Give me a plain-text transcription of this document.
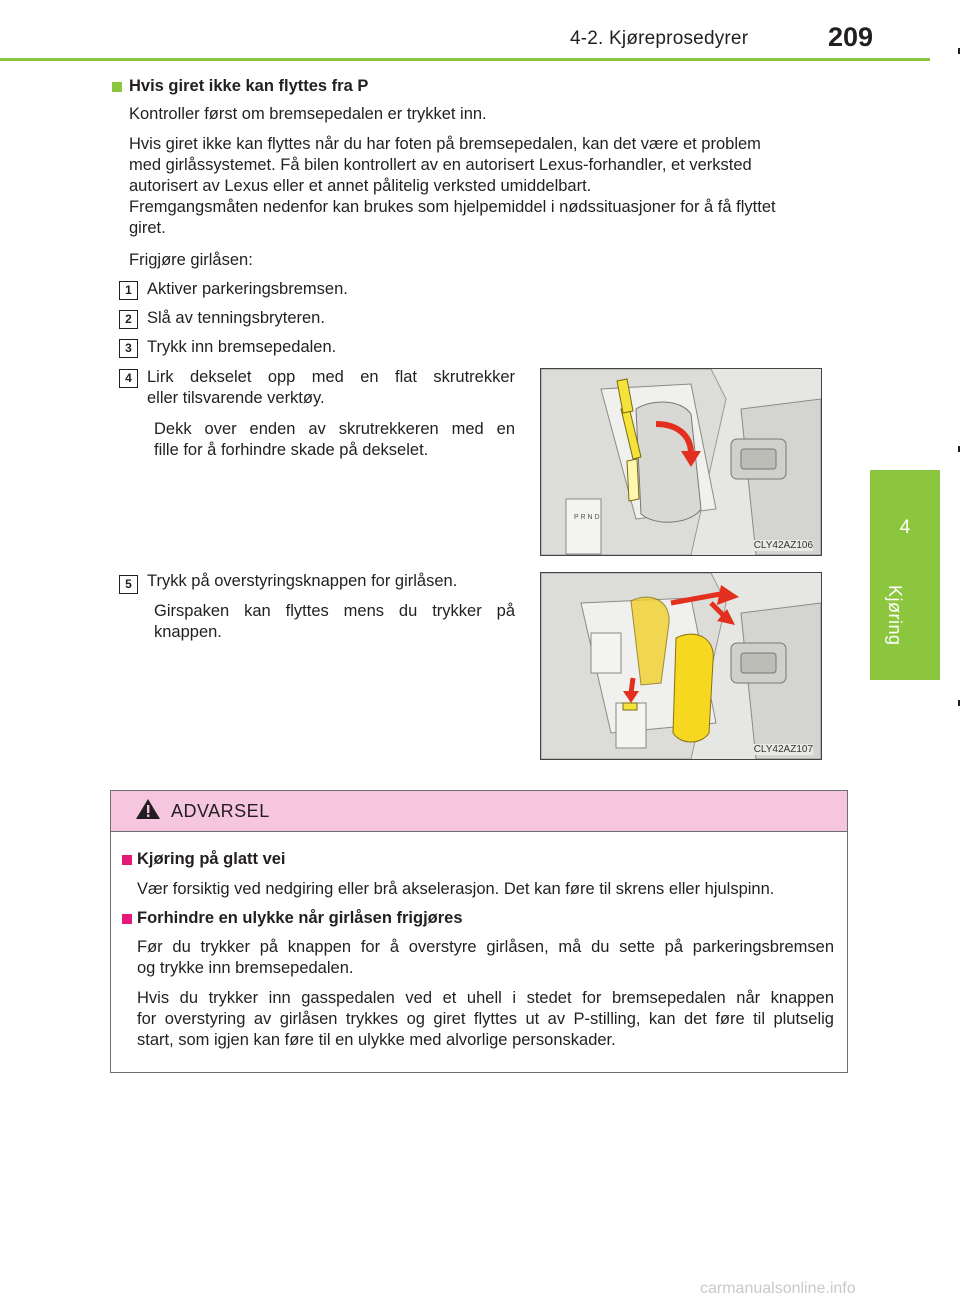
4-2. Kjøreprosedyrer	209
4
Kjøring
Hvis giret ikke kan flyttes fra P
Kontroller først om bremsepedalen er trykket inn.
Hvis giret ikke kan flyttes når du har foten på bremsepedalen, kan det være et problem
med girlåssystemet. Få bilen kontrollert av en autorisert Lexus-forhandler, et verksted
autorisert av Lexus eller et annet pålitelig verksted umiddelbart.
Fremgangsmåten nedenfor kan brukes som hjelpemiddel i nødssituasjoner for å få flyttet
giret.
Frigjøre girlåsen:
1 Aktiver parkeringsbremsen.
2 Slå av tenningsbryteren.
3 Trykk inn bremsepedalen.
4 Lirk dekselet opp med en flat skrutrekker
eller tilsvarende verktøy.
Dekk over enden av skrutrekkeren med en
fille for å forhindre skade på dekselet.
P R N D
CLY42AZ106
5 Trykk på overstyringsknappen for girlåsen.
Girspaken kan flyttes mens du trykker på
knappen.
CLY42AZ107
ADVARSEL
Kjøring på glatt vei
Vær forsiktig ved nedgiring eller brå akselerasjon. Det kan føre til skrens eller hjulspinn.
Forhindre en ulykke når girlåsen frigjøres
Før du trykker på knappen for å overstyre girlåsen, må du sette på parkeringsbremsen
og trykke inn bremsepedalen.
Hvis du trykker inn gasspedalen ved et uhell i stedet for bremsepedalen når knappen
for overstyring av girlåsen trykkes og giret flyttes ut av P-stilling, kan det føre til plutselig
start, som igjen kan føre til en ulykke med alvorlige personskader.
carmanualsonline.info
